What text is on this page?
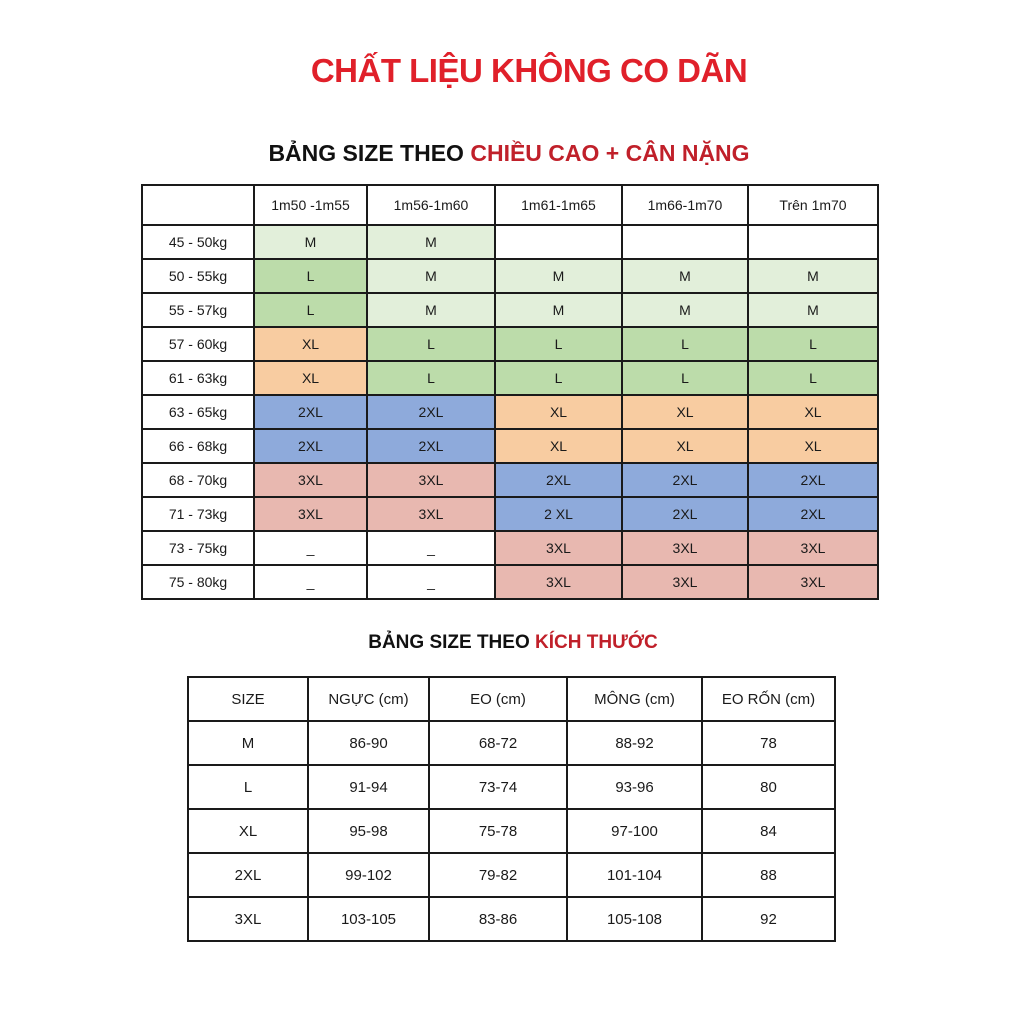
CHẤT LIỆU KHÔNG CO DÃN
BẢNG SIZE THEO CHIỀU CAO + CÂN NẶNG
	1m50 -1m55	1m56-1m60	1m61-1m65	1m66-1m70	Trên 1m70
45 - 50kg	M	M			
50 - 55kg	L	M	M	M	M
55 - 57kg	L	M	M	M	M
57 - 60kg	XL	L	L	L	L
61 - 63kg	XL	L	L	L	L
63 - 65kg	2XL	2XL	XL	XL	XL
66 - 68kg	2XL	2XL	XL	XL	XL
68 - 70kg	3XL	3XL	2XL	2XL	2XL
71 - 73kg	3XL	3XL	2 XL	2XL	2XL
73 - 75kg	_	_	3XL	3XL	3XL
75 - 80kg	_	_	3XL	3XL	3XL
BẢNG SIZE THEO KÍCH THƯỚC
SIZE	NGỰC (cm)	EO (cm)	MÔNG (cm)	EO RỐN (cm)
M	86-90	68-72	88-92	78
L	91-94	73-74	93-96	80
XL	95-98	75-78	97-100	84
2XL	99-102	79-82	101-104	88
3XL	103-105	83-86	105-108	92
